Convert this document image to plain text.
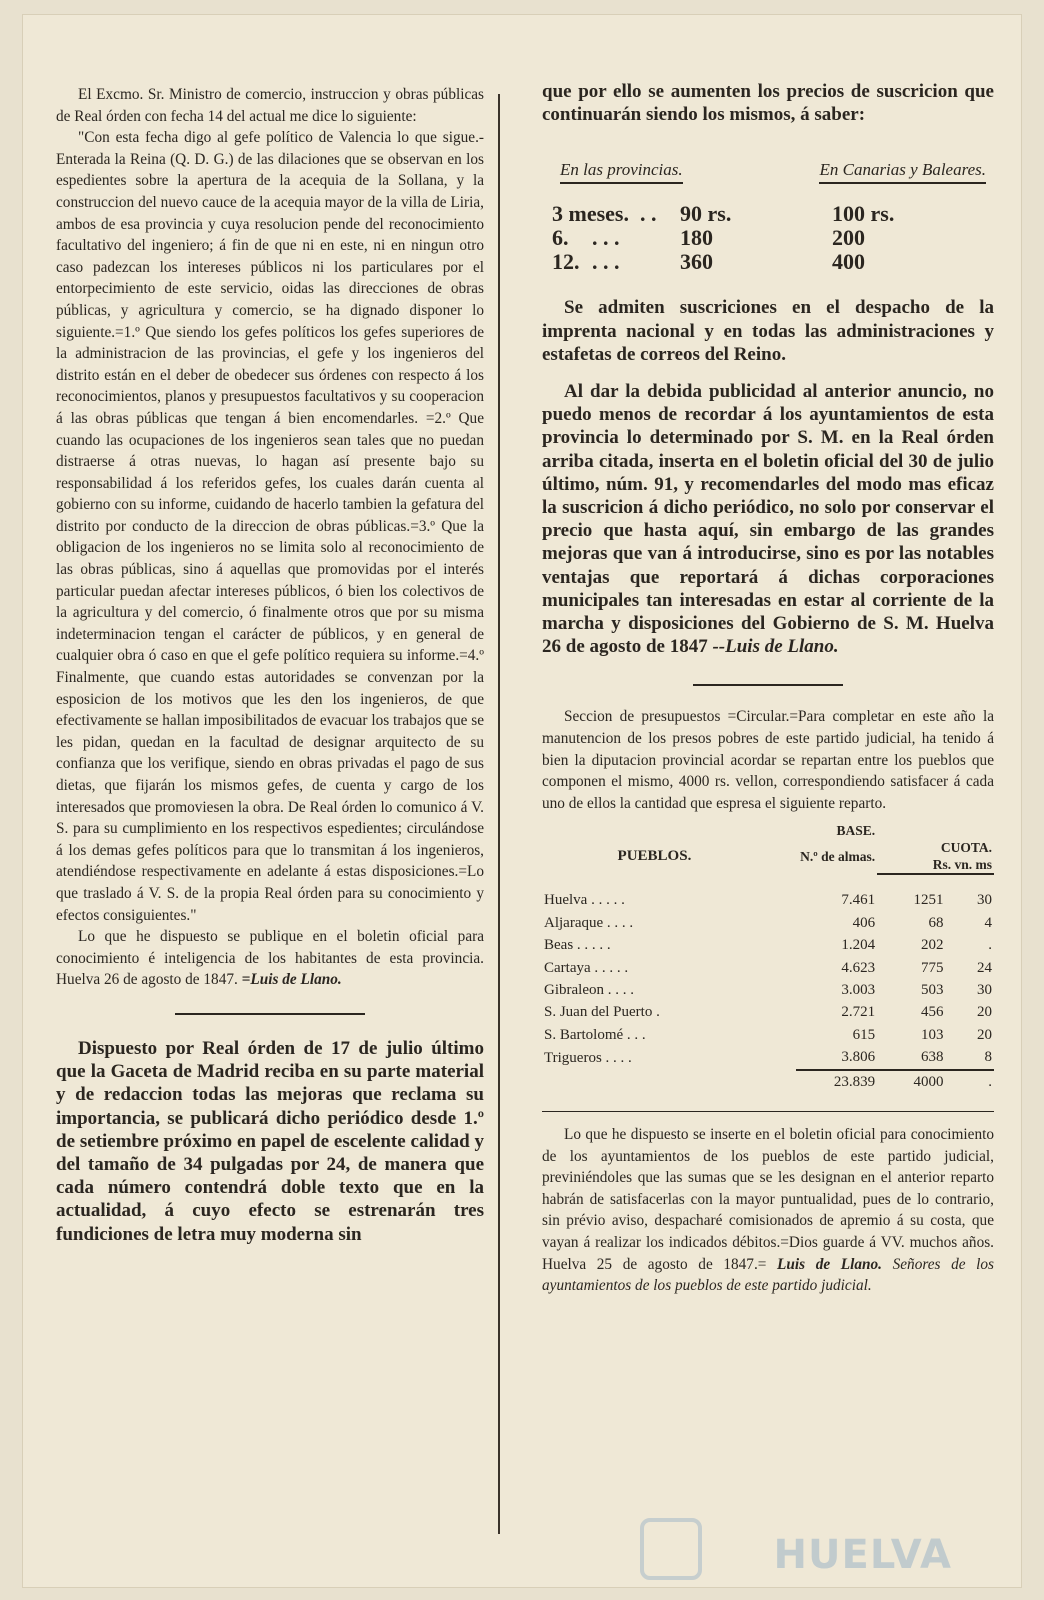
El Excmo. Sr. Ministro de comercio, instruccion y obras públicas de Real órden con fecha 14 del actual me dice lo siguiente:

"Con esta fecha digo al gefe político de Valencia lo que sigue.- Enterada la Reina (Q. D. G.) de las dilaciones que se observan en los espedientes sobre la apertura de la acequia de la Sollana, y la construccion del nuevo cauce de la acequia mayor de la villa de Liria, ambos de esa provincia y cuya resolucion pende del reconocimiento facultativo del ingeniero; á fin de que ni en este, ni en ningun otro caso padezcan los intereses públicos ni los particulares por el entorpecimiento de este servicio, oidas las direcciones de obras públicas, y agricultura y comercio, se ha dignado disponer lo siguiente.=1.º Que siendo los gefes políticos los gefes superiores de la administracion de las provincias, el gefe y los ingenieros del distrito están en el deber de obedecer sus órdenes con respecto á los reconocimientos, planos y presupuestos facultativos y su cooperacion á las obras públicas que tengan á bien encomendarles. =2.º Que cuando las ocupaciones de los ingenieros sean tales que no puedan distraerse á otras nuevas, lo hagan así presente bajo su responsabilidad á los referidos gefes, los cuales darán cuenta al gobierno con su informe, cuidando de hacerlo tambien la gefatura del distrito por conducto de la direccion de obras públicas.=3.º Que la obligacion de los ingenieros no se limita solo al reconocimiento de las obras públicas, sino á aquellas que promovidas por el interés particular puedan afectar intereses públicos, ó bien los colectivos de la agricultura y del comercio, ó finalmente otros que por su misma indeterminacion tengan el carácter de públicos, y en general de cualquier obra ó caso en que el gefe político requiera su informe.=4.º Finalmente, que cuando estas autoridades se convenzan por la esposicion de los motivos que les den los ingenieros, de que efectivamente se hallan imposibilitados de evacuar los trabajos que se les pidan, quedan en la facultad de designar arquitecto de su confianza que los verifique, siendo en obras privadas el pago de sus dietas, que fijarán los mismos gefes, de cuenta y cargo de los interesados que promoviesen la obra. De Real órden lo comunico á V. S. para su cumplimiento en los respectivos espedientes; circulándose á los demas gefes políticos para que lo transmitan á los ingenieros, atendiéndose respectivamente en adelante á estas disposiciones.=Lo que traslado á V. S. de la propia Real órden para su conocimiento y efectos consiguientes."

Lo que he dispuesto se publique en el boletin oficial para conocimiento é inteligencia de los habitantes de esta provincia. Huelva 26 de agosto de 1847. =Luis de Llano.

Dispuesto por Real órden de 17 de julio último que la Gaceta de Madrid reciba en su parte material y de redaccion todas las mejoras que reclama su importancia, se publicará dicho periódico desde 1.º de setiembre próximo en papel de escelente calidad y del tamaño de 34 pulgadas por 24, de manera que cada número contendrá doble texto que en la actualidad, á cuyo efecto se estrenarán tres fundiciones de letra muy moderna sin

que por ello se aumenten los precios de suscricion que continuarán siendo los mismos, á saber:

En las provincias.	En Canarias y Baleares.
3 meses. . .	90 rs.	100 rs.
6.	. . .	180	200
12. . . .	360	400

Se admiten suscriciones en el despacho de la imprenta nacional y en todas las administraciones y estafetas de correos del Reino.

Al dar la debida publicidad al anterior anuncio, no puedo menos de recordar á los ayuntamientos de esta provincia lo determinado por S. M. en la Real órden arriba citada, inserta en el boletin oficial del 30 de julio último, núm. 91, y recomendarles del modo mas eficaz la suscricion á dicho periódico, no solo por conservar el precio que hasta aquí, sin embargo de las grandes mejoras que van á introducirse, sino es por las notables ventajas que reportará á dichas corporaciones municipales tan interesadas en estar al corriente de la marcha y disposiciones del Gobierno de S. M. Huelva 26 de agosto de 1847 --Luis de Llano.

Seccion de presupuestos =Circular.=Para completar en este año la manutencion de los presos pobres de este partido judicial, ha tenido á bien la diputacion provincial acordar se repartan entre los pueblos que componen el mismo, 4000 rs. vellon, correspondiendo satisfacer á cada uno de ellos la cantidad que espresa el siguiente reparto.

		BASE.		
PUEBLOS.		N.º de almas.	CUOTA.
Rs. vn. ms	

Huelva . . . . .		7.461	1251	30
Aljaraque . . . .		406	68	4
Beas . . . . .		1.204	202	.
Cartaya . . . . .		4.623	775	24
Gibraleon . . . .		3.003	503	30
S. Juan del Puerto .		2.721	456	20
S. Bartolomé . . .		615	103	20
Trigueros . . . .		3.806	638	8
		23.839	4000	.

Lo que he dispuesto se inserte en el boletin oficial para conocimiento de los ayuntamientos de los pueblos de este partido judicial, previniéndoles que las sumas que se les designan en el anterior reparto habrán de satisfacerlas con la mayor puntualidad, pues de lo contrario, sin prévio aviso, despacharé comisionados de apremio á su costa, que vayan á realizar los indicados débitos.=Dios guarde á VV. muchos años. Huelva 25 de agosto de 1847.= Luis de Llano. Señores de los ayuntamientos de los pueblos de este partido judicial.

HUELVA
